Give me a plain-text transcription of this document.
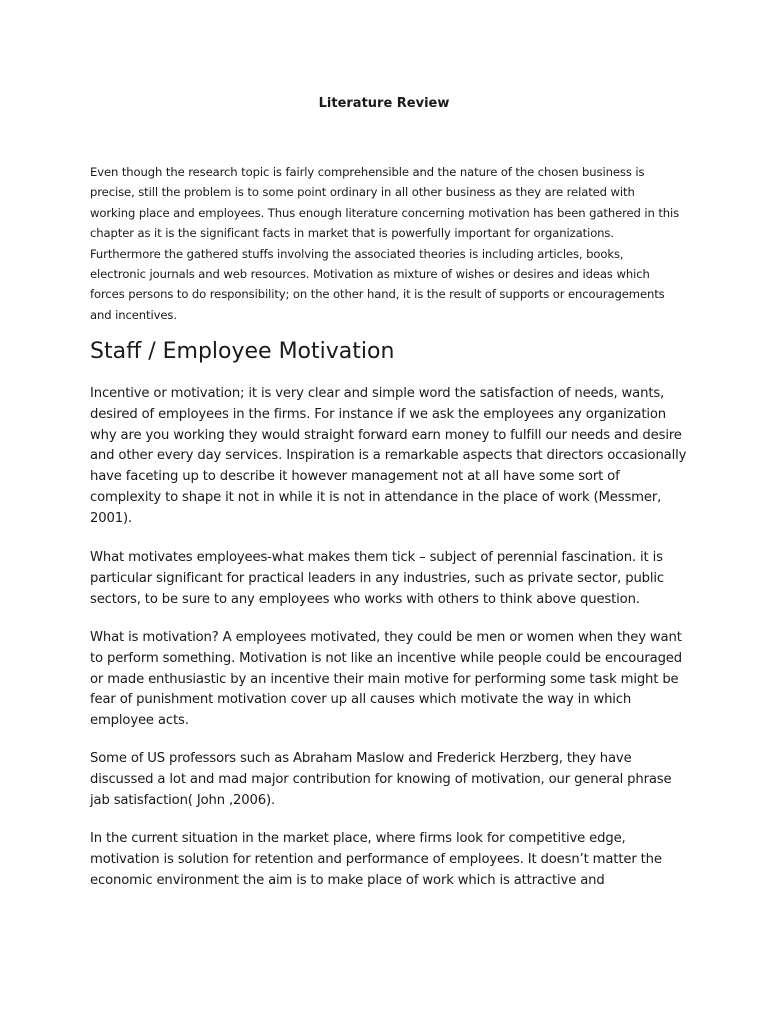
Literature Review

Even though the research topic is fairly comprehensible and the nature of the chosen business is precise, still the problem is to some point ordinary in all other business as they are related with working place and employees. Thus enough literature concerning motivation has been gathered in this chapter as it is the significant facts in market that is powerfully important for organizations. Furthermore the gathered stuffs involving the associated theories is including articles, books, electronic journals and web resources. Motivation as mixture of wishes or desires and ideas which forces persons to do responsibility; on the other hand, it is the result of supports or encouragements and incentives.

Staff / Employee Motivation

Incentive or motivation; it is very clear and simple word the satisfaction of needs, wants, desired of employees in the firms. For instance if we ask the employees any organization why are you working they would straight forward earn money to fulfill our needs and desire and other every day services. Inspiration is a remarkable aspects that directors occasionally have faceting up to describe it however management not at all have some sort of complexity to shape it not in while it is not in attendance in the place of work (Messmer, 2001).

What motivates employees-what makes them tick – subject of perennial fascination. it is particular significant for practical leaders in any industries, such as private sector, public sectors, to be sure to any employees who works with others to think above question.

What is motivation? A employees motivated, they could be men or women when they want to perform something. Motivation is not like an incentive while people could be encouraged or made enthusiastic by an incentive their main motive for performing some task might be fear of punishment motivation cover up all causes which motivate the way in which employee acts.

Some of US professors such as Abraham Maslow and Frederick Herzberg, they have discussed a lot and mad major contribution for knowing of motivation, our general phrase jab satisfaction( John ,2006).

In the current situation in the market place, where firms look for competitive edge, motivation is solution for retention and performance of employees. It doesn’t matter the economic environment the aim is to make place of work which is attractive and
